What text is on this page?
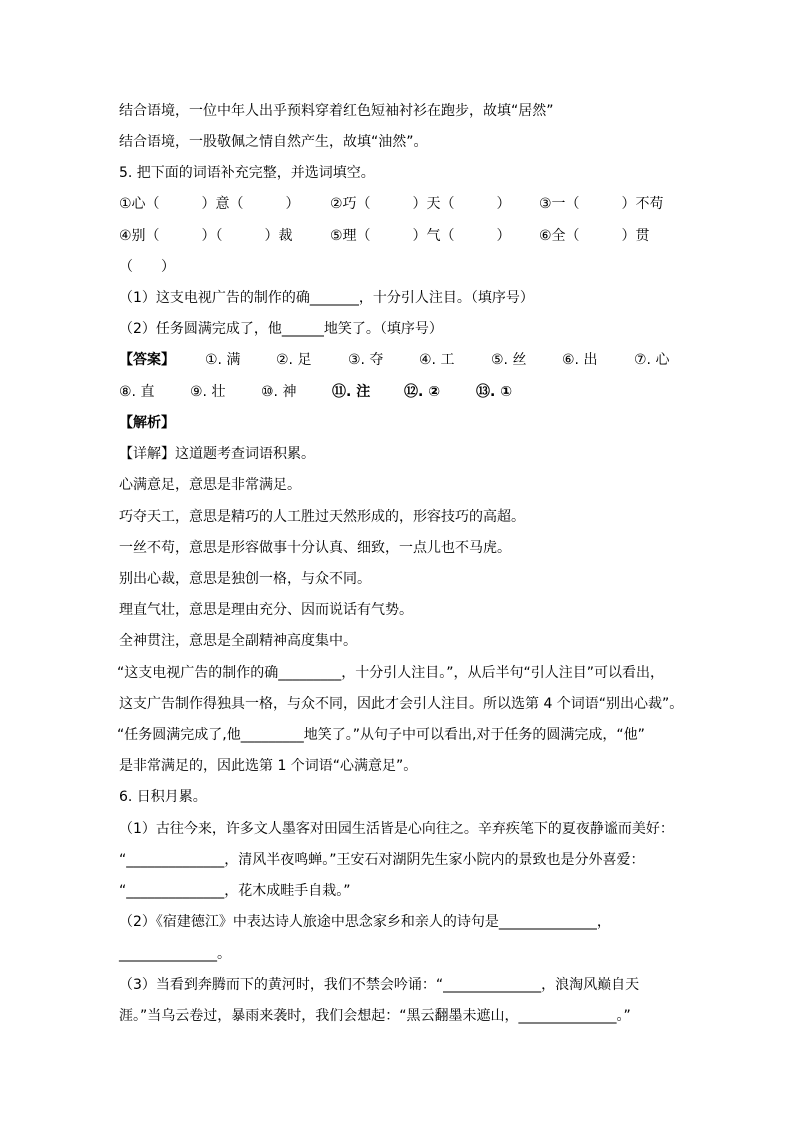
结合语境，一位中年人出乎预料穿着红色短袖衬衫在跑步，故填“居然”
结合语境，一股敬佩之情自然产生，故填“油然”。
5. 把下面的词语补充完整，并选词填空。

①心（　　　）意（　　　）

②巧（　　　）天（　　　）

③一（　　　）不苟

④别（　　　）（　　　）裁

	⑤理（　　　）气（　　　）

⑥全（　　　）贯

（　　）
（1）这支电视广告的制作的确_______，十分引人注目。（填序号）
（2）任务圆满完成了，他______地笑了。（填序号）

【答案】

①. 满

	②. 足

	③. 夺

	④. 工

	⑤. 丝

	⑥. 出

	⑦. 心

⑧. 直

	⑨. 壮

	⑩. 神

	⑪. 注

⑫. ②

	⑬. ①

【解析】
【详解】这道题考查词语积累。
心满意足，意思是非常满足。
巧夺天工，意思是精巧的人工胜过天然形成的，形容技巧的高超。
一丝不苟，意思是形容做事十分认真、细致，一点儿也不马虎。
别出心裁，意思是独创一格，与众不同。
理直气壮，意思是理由充分、因而说话有气势。
全神贯注，意思是全副精神高度集中。
“这支电视广告的制作的确_________，十分引人注目。”，从后半句“引人注目”可以看出，
这支广告制作得独具一格，与众不同，因此才会引人注目。所以选第 4 个词语“别出心裁”。
“任务圆满完成了,他_________地笑了。”从句子中可以看出,对于任务的圆满完成，“他”
是非常满足的，因此选第 1 个词语“心满意足”。
6. 日积月累。
（1）古往今来，许多文人墨客对田园生活皆是心向往之。辛弃疾笔下的夏夜静谧而美好：
“______________，清风半夜鸣蝉。”王安石对湖阴先生家小院内的景致也是分外喜爱：
“______________，花木成畦手自栽。”
（2）《宿建德江》中表达诗人旅途中思念家乡和亲人的诗句是______________，
______________。
（3）当看到奔腾而下的黄河时，我们不禁会吟诵：“______________，浪淘风巅自天
涯。”当乌云卷过，暴雨来袭时，我们会想起：“黑云翻墨未遮山，______________。”
